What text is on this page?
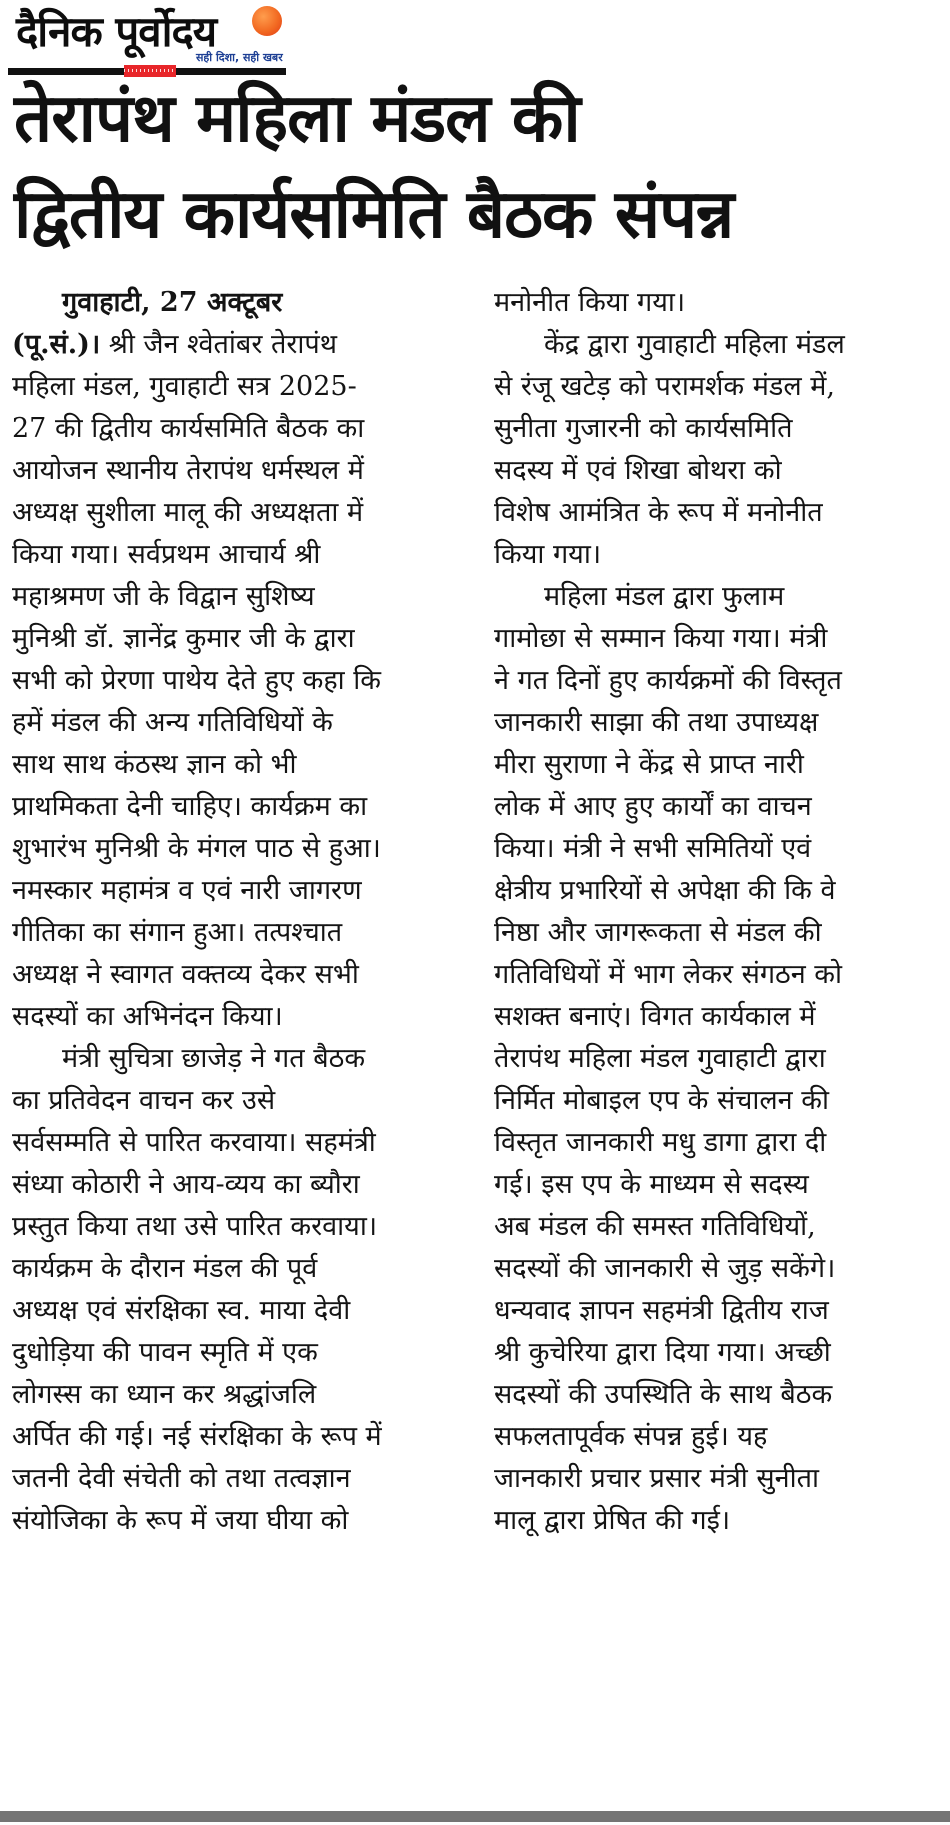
दैनिक पूर्वोदय
सही दिशा, सही खबर
तेरापंथ महिला मंडल की
द्वितीय कार्यसमिति बैठक संपन्न
गुवाहाटी, 27 अक्टूबर
(पू.सं.)। श्री जैन श्वेतांबर तेरापंथ
महिला मंडल, गुवाहाटी सत्र 2025-
27 की द्वितीय कार्यसमिति बैठक का
आयोजन स्थानीय तेरापंथ धर्मस्थल में
अध्यक्ष सुशीला मालू की अध्यक्षता में
किया गया। सर्वप्रथम आचार्य श्री
महाश्रमण जी के विद्वान सुशिष्य
मुनिश्री डॉ. ज्ञानेंद्र कुमार जी के द्वारा
सभी को प्रेरणा पाथेय देते हुए कहा कि
हमें मंडल की अन्य गतिविधियों के
साथ साथ कंठस्थ ज्ञान को भी
प्राथमिकता देनी चाहिए। कार्यक्रम का
शुभारंभ मुनिश्री के मंगल पाठ से हुआ।
नमस्कार महामंत्र व एवं नारी जागरण
गीतिका का संगान हुआ। तत्पश्चात
अध्यक्ष ने स्वागत वक्तव्य देकर सभी
सदस्यों का अभिनंदन किया।
मंत्री सुचित्रा छाजेड़ ने गत बैठक
का प्रतिवेदन वाचन कर उसे
सर्वसम्मति से पारित करवाया। सहमंत्री
संध्या कोठारी ने आय-व्यय का ब्यौरा
प्रस्तुत किया तथा उसे पारित करवाया।
कार्यक्रम के दौरान मंडल की पूर्व
अध्यक्ष एवं संरक्षिका स्व. माया देवी
दुधोड़िया की पावन स्मृति में एक
लोगस्स का ध्यान कर श्रद्धांजलि
अर्पित की गई। नई संरक्षिका के रूप में
जतनी देवी संचेती को तथा तत्वज्ञान
संयोजिका के रूप में जया घीया को
मनोनीत किया गया।
केंद्र द्वारा गुवाहाटी महिला मंडल
से रंजू खटेड़ को परामर्शक मंडल में,
सुनीता गुजारनी को कार्यसमिति
सदस्य में एवं शिखा बोथरा को
विशेष आमंत्रित के रूप में मनोनीत
किया गया।
महिला मंडल द्वारा फुलाम
गामोछा से सम्मान किया गया। मंत्री
ने गत दिनों हुए कार्यक्रमों की विस्तृत
जानकारी साझा की तथा उपाध्यक्ष
मीरा सुराणा ने केंद्र से प्राप्त नारी
लोक में आए हुए कार्यों का वाचन
किया। मंत्री ने सभी समितियों एवं
क्षेत्रीय प्रभारियों से अपेक्षा की कि वे
निष्ठा और जागरूकता से मंडल की
गतिविधियों में भाग लेकर संगठन को
सशक्त बनाएं। विगत कार्यकाल में
तेरापंथ महिला मंडल गुवाहाटी द्वारा
निर्मित मोबाइल एप के संचालन की
विस्तृत जानकारी मधु डागा द्वारा दी
गई। इस एप के माध्यम से सदस्य
अब मंडल की समस्त गतिविधियों,
सदस्यों की जानकारी से जुड़ सकेंगे।
धन्यवाद ज्ञापन सहमंत्री द्वितीय राज
श्री कुचेरिया द्वारा दिया गया। अच्छी
सदस्यों की उपस्थिति के साथ बैठक
सफलतापूर्वक संपन्न हुई। यह
जानकारी प्रचार प्रसार मंत्री सुनीता
मालू द्वारा प्रेषित की गई।
